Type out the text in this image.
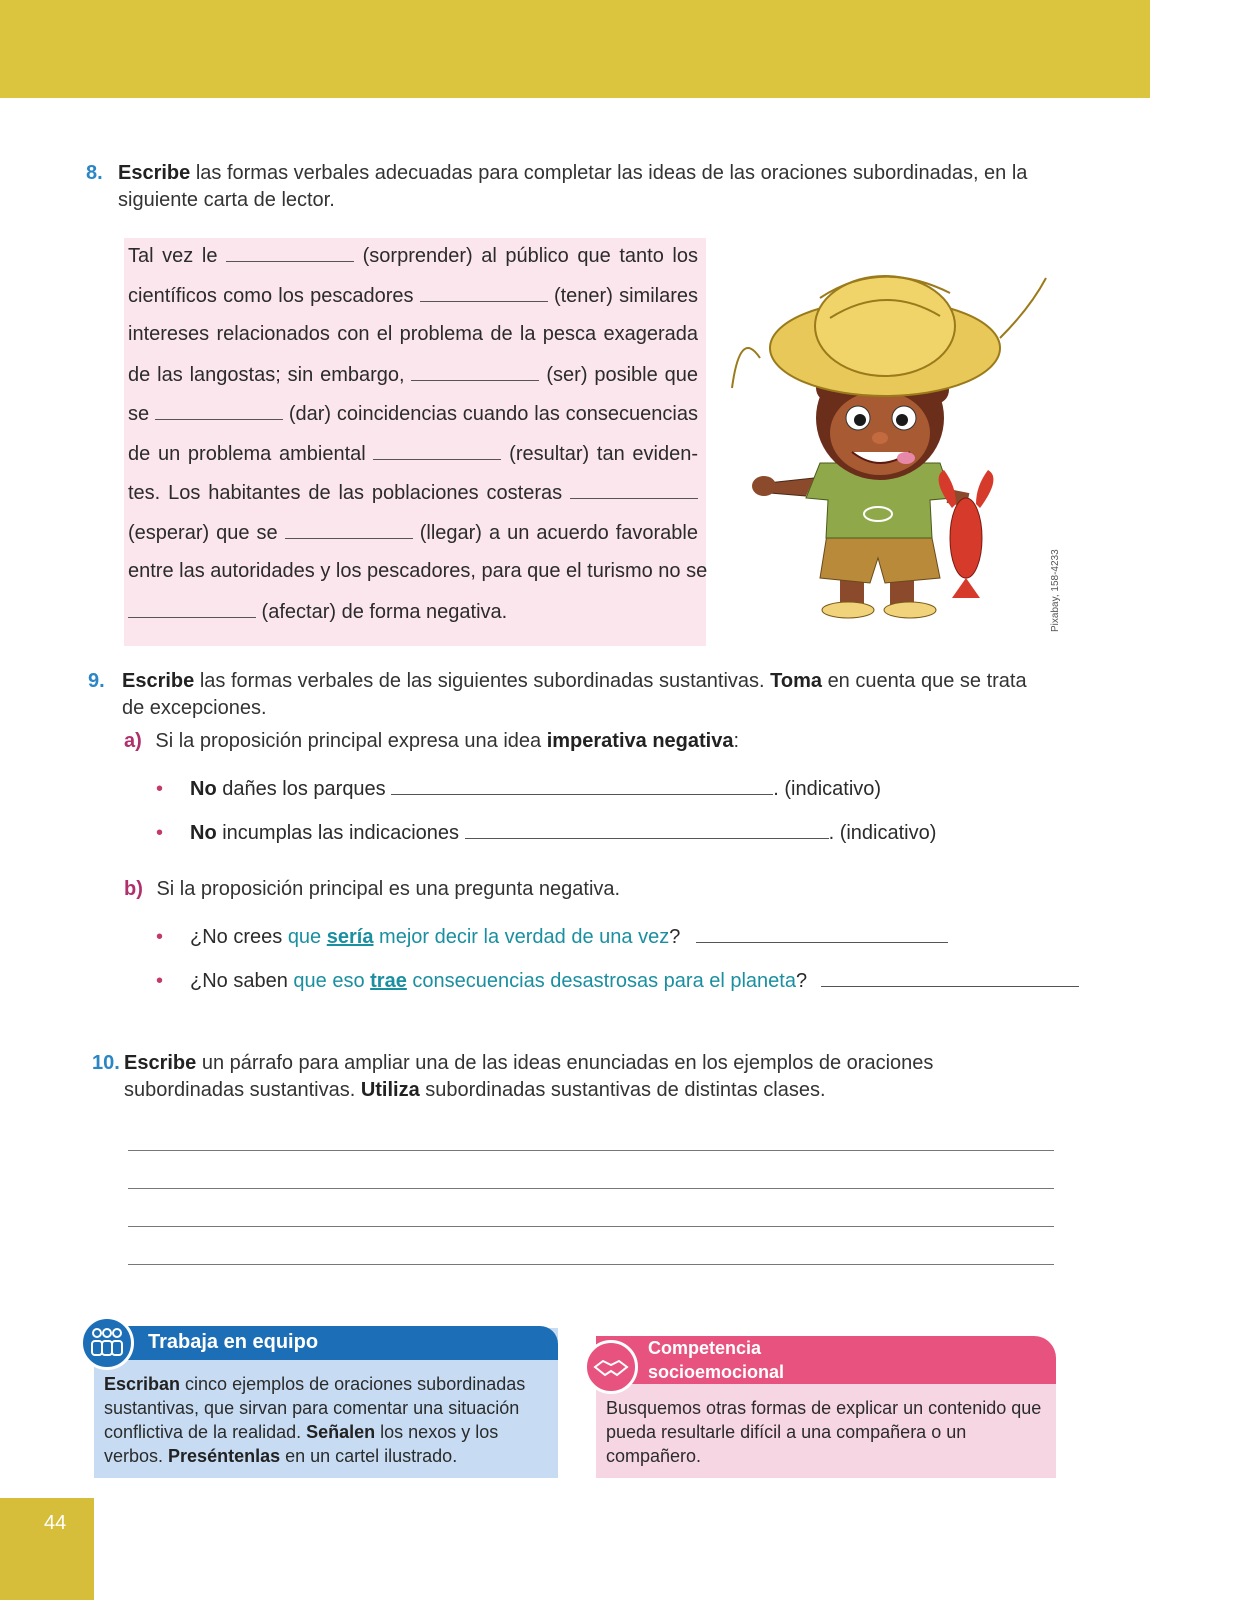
8. Escribe las formas verbales adecuadas para completar las ideas de las oraciones subordinadas, en la siguiente carta de lector.
Tal vez le	(sorprender) al público que tanto los
científicos como los pescadores	(tener) similares
intereses relacionados con el problema de la pesca exagerada
de las langostas; sin embargo,	(ser) posible que
se	(dar) coincidencias cuando las consecuencias
de un problema ambiental	(resultar) tan eviden-
tes. Los habitantes de las poblaciones costeras
(esperar) que se	(llegar) a un acuerdo favorable
entre las autoridades y los pescadores, para que el turismo no se
(afectar) de forma negativa.	Pixabay, 158-4233
9. Escribe las formas verbales de las siguientes subordinadas sustantivas. Toma en cuenta que se trata de excepciones.
a) Si la proposición principal expresa una idea imperativa negativa:
• No dañes los parques	. (indicativo)
• No incumplas las indicaciones	. (indicativo)
b) Si la proposición principal es una pregunta negativa.
• ¿No crees que sería mejor decir la verdad de una vez?
• ¿No saben que eso trae consecuencias desastrosas para el planeta?
10. Escribe un párrafo para ampliar una de las ideas enunciadas en los ejemplos de oraciones subordinadas sustantivas. Utiliza subordinadas sustantivas de distintas clases.
Trabaja en equipo
Escriban cinco ejemplos de oraciones subordinadas sustantivas, que sirvan para comentar una situación conflictiva de la realidad. Señalen los nexos y los verbos. Preséntenlas en un cartel ilustrado.
Competencia
socioemocional
Busquemos otras formas de explicar un contenido que pueda resultarle difícil a una compañera o un compañero.
44
